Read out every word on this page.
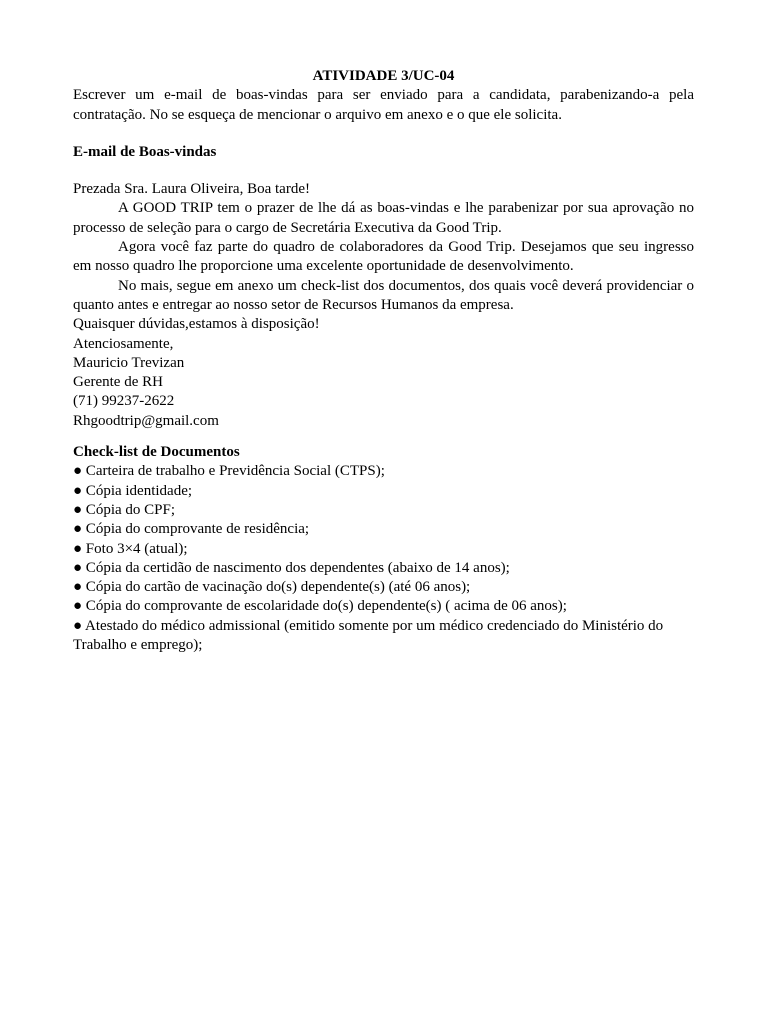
ATIVIDADE 3/UC-04

Escrever um e-mail de boas-vindas para ser enviado para a candidata, parabenizando-a pela contratação. No se esqueça de mencionar o arquivo em anexo e o que ele solicita.

E-mail de Boas-vindas

Prezada Sra. Laura Oliveira, Boa tarde!

A GOOD TRIP tem o prazer de lhe dá as boas-vindas e lhe parabenizar por sua aprovação no processo de seleção para o cargo de Secretária Executiva da Good Trip.

Agora você faz parte do quadro de colaboradores da Good Trip. Desejamos que seu ingresso em nosso quadro lhe proporcione uma excelente oportunidade de desenvolvimento.

No mais, segue em anexo um check-list dos documentos, dos quais você deverá providenciar o quanto antes e entregar ao nosso setor de Recursos Humanos da empresa.

Quaisquer dúvidas,estamos à disposição!

Atenciosamente,

Mauricio Trevizan

Gerente de RH

(71) 99237-2622

Rhgoodtrip@gmail.com

Check-list de Documentos

● Carteira de trabalho e Previdência Social (CTPS);
● Cópia identidade;
● Cópia do CPF;
● Cópia do comprovante de residência;
● Foto 3×4 (atual);
● Cópia da certidão de nascimento dos dependentes (abaixo de 14 anos);
● Cópia do cartão de vacinação do(s) dependente(s) (até 06 anos);
● Cópia do comprovante de escolaridade do(s) dependente(s) ( acima de 06 anos);
● Atestado do médico admissional (emitido somente por um médico credenciado do Ministério do Trabalho e emprego);
